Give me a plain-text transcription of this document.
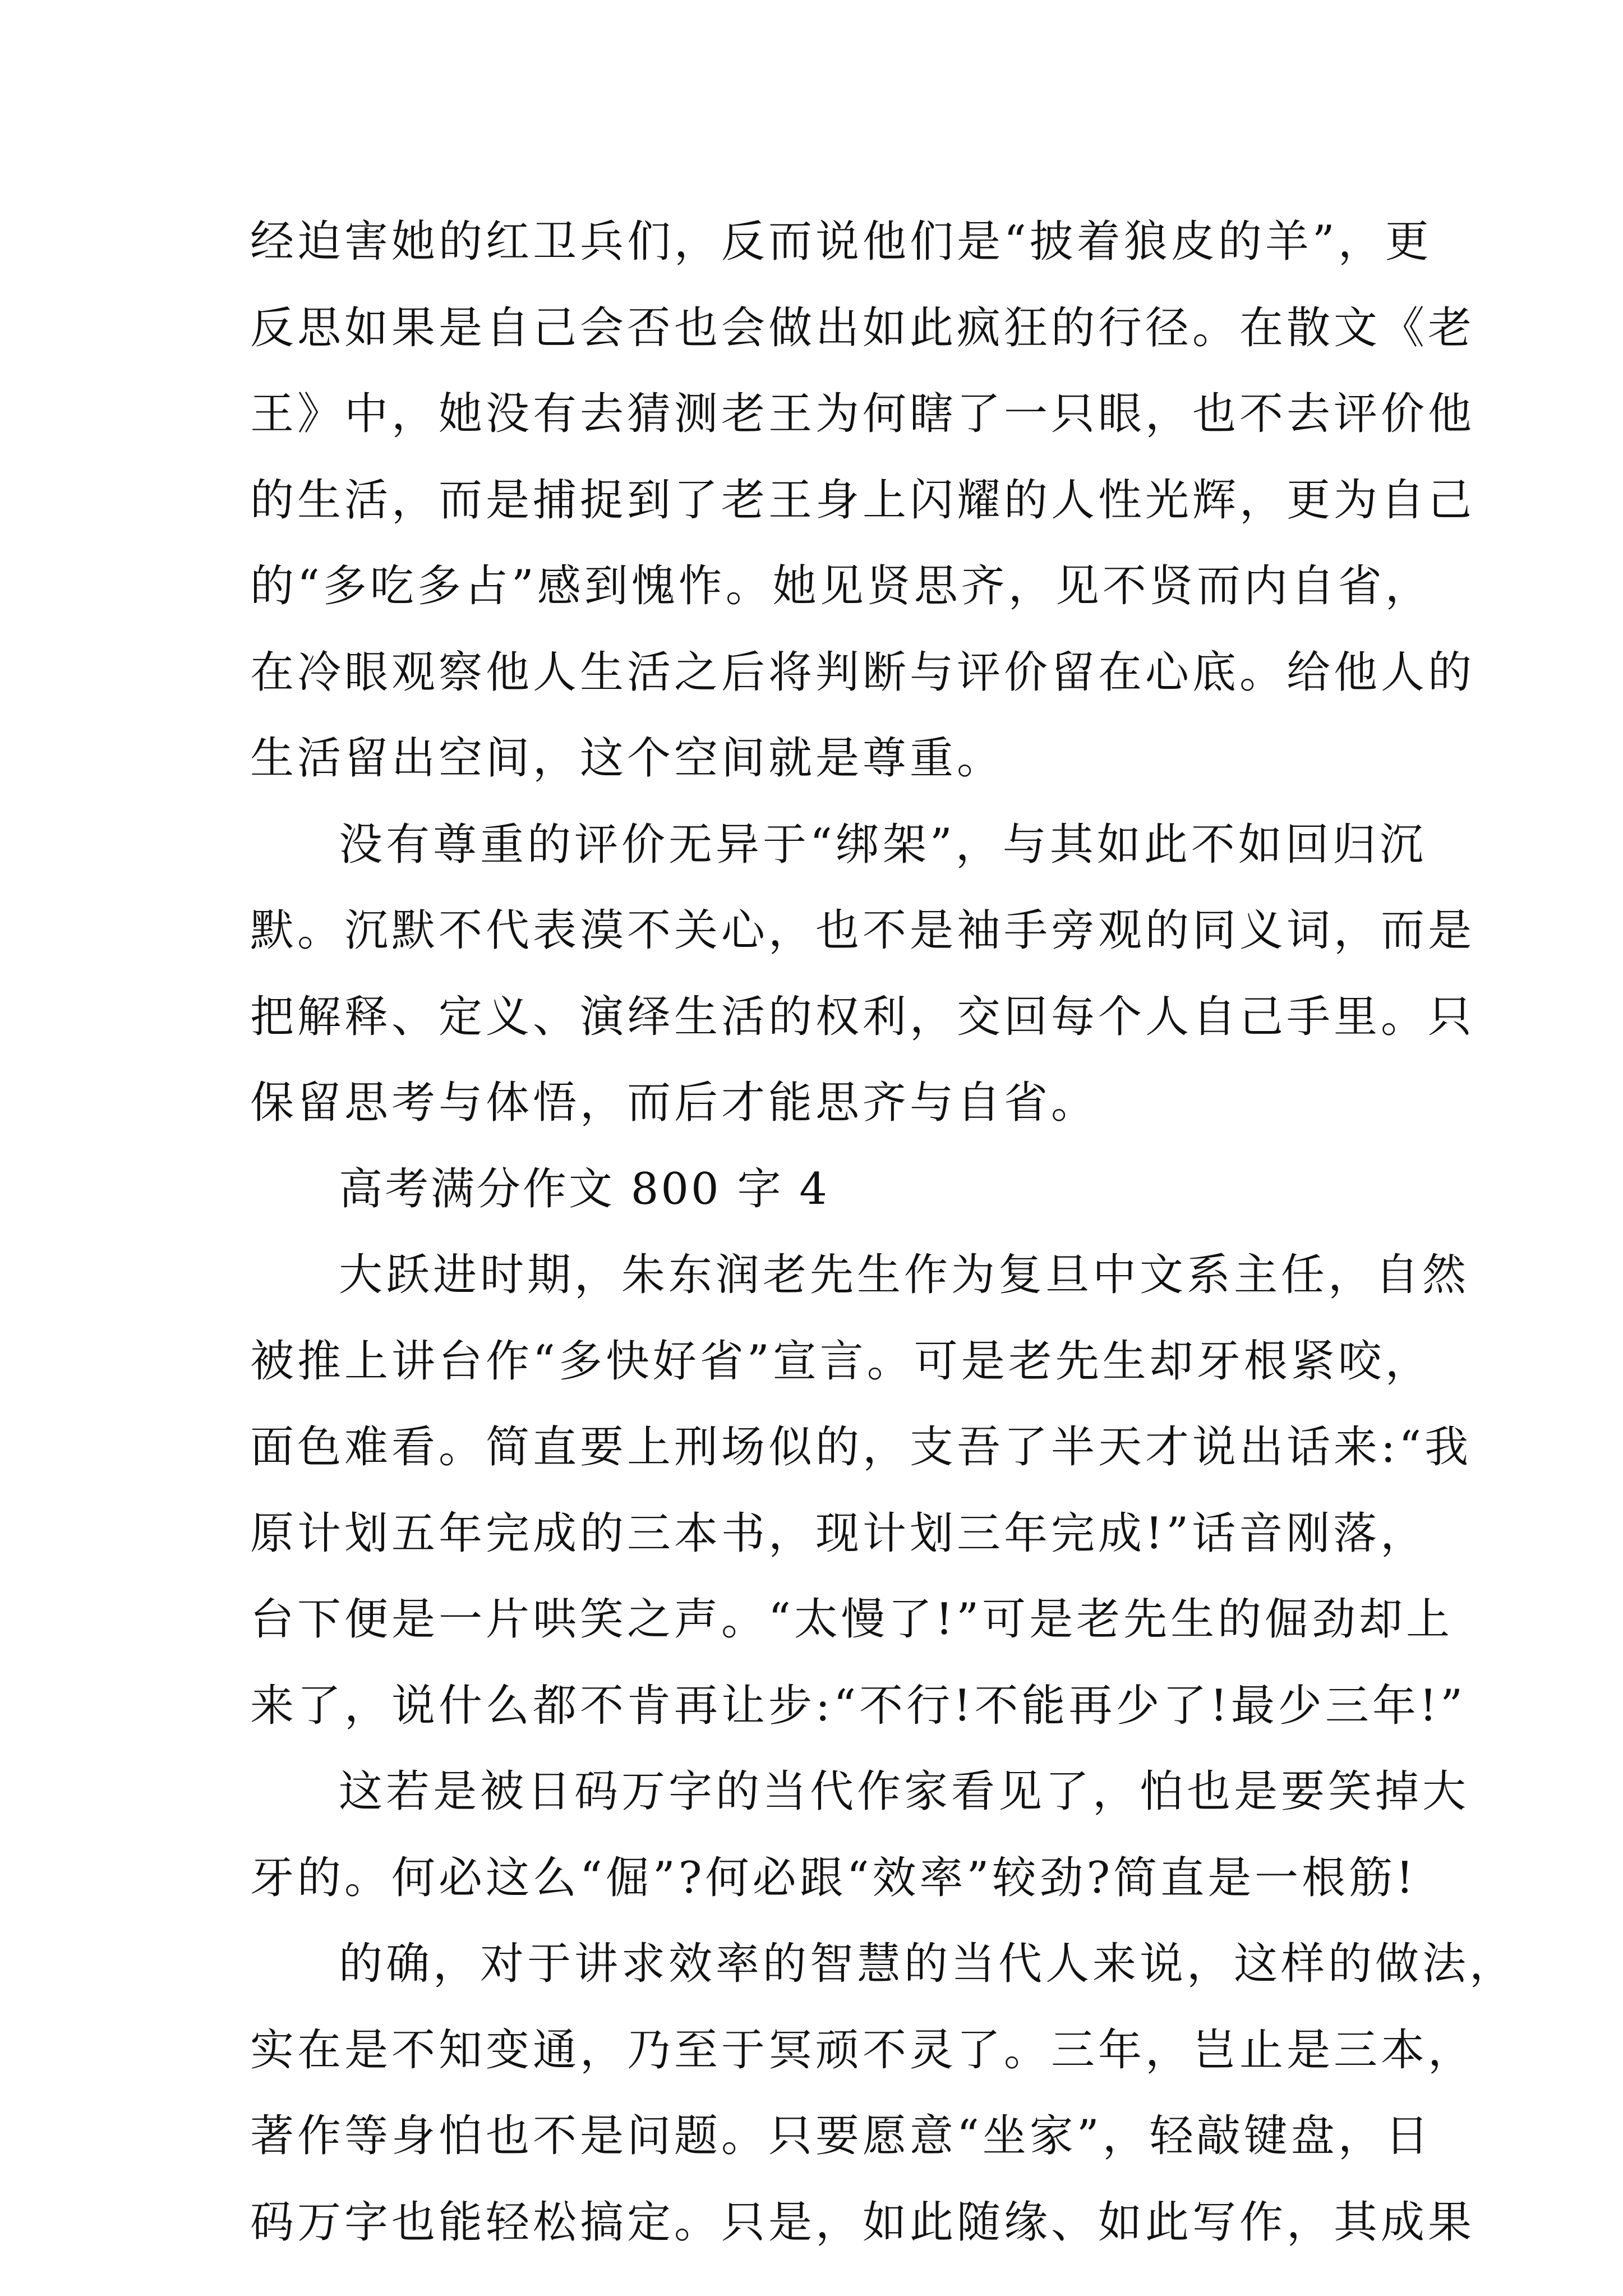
经迫害她的红卫兵们，反而说他们是“披着狼皮的羊”，更
反思如果是自己会否也会做出如此疯狂的行径。在散文《老
王》中，她没有去猜测老王为何瞎了一只眼，也不去评价他
的生活，而是捕捉到了老王身上闪耀的人性光辉，更为自己
的“多吃多占”感到愧怍。她见贤思齐，见不贤而内自省，
在冷眼观察他人生活之后将判断与评价留在心底。给他人的
生活留出空间，这个空间就是尊重。
没有尊重的评价无异于“绑架”，与其如此不如回归沉
默。沉默不代表漠不关心，也不是袖手旁观的同义词，而是
把解释、定义、演绎生活的权利，交回每个人自己手里。只
保留思考与体悟，而后才能思齐与自省。
高考满分作文 800 字 4
大跃进时期，朱东润老先生作为复旦中文系主任，自然
被推上讲台作“多快好省”宣言。可是老先生却牙根紧咬，
面色难看。简直要上刑场似的，支吾了半天才说出话来:“我
原计划五年完成的三本书，现计划三年完成!”话音刚落，
台下便是一片哄笑之声。“太慢了!”可是老先生的倔劲却上
来了，说什么都不肯再让步:“不行!不能再少了!最少三年!”
这若是被日码万字的当代作家看见了，怕也是要笑掉大
牙的。何必这么“倔”?何必跟“效率”较劲?简直是一根筋!
的确，对于讲求效率的智慧的当代人来说，这样的做法，
实在是不知变通，乃至于冥顽不灵了。三年，岂止是三本，
著作等身怕也不是问题。只要愿意“坐家”，轻敲键盘，日
码万字也能轻松搞定。只是，如此随缘、如此写作，其成果
